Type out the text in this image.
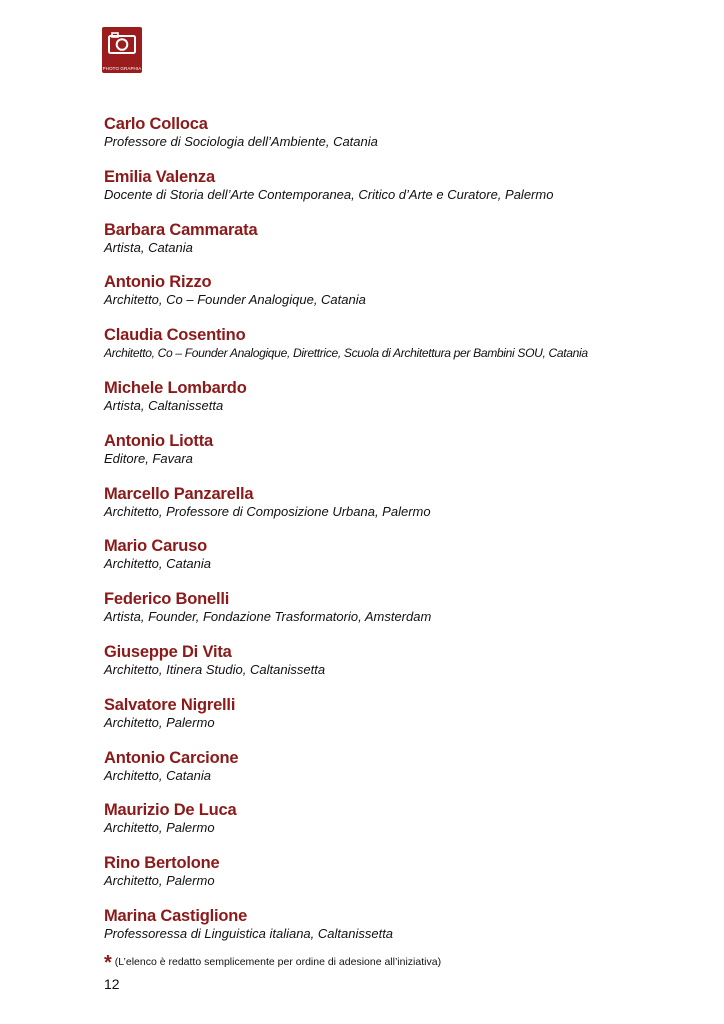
PHOTO GRAPHIA
ASSOCIAZIONE CULTURALE
Carlo Colloca
Professore di Sociologia dell’Ambiente, Catania
Emilia Valenza
Docente di Storia dell’Arte Contemporanea, Critico d’Arte e Curatore, Palermo
Barbara Cammarata
Artista, Catania
Antonio Rizzo
Architetto, Co – Founder Analogique, Catania
Claudia Cosentino
Architetto, Co – Founder Analogique, Direttrice, Scuola di Architettura per Bambini SOU, Catania
Michele Lombardo
Artista, Caltanissetta
Antonio Liotta
Editore, Favara
Marcello Panzarella
Architetto, Professore di Composizione Urbana, Palermo
Mario Caruso
Architetto, Catania
Federico Bonelli
Artista, Founder, Fondazione Trasformatorio, Amsterdam
Giuseppe Di Vita
Architetto, Itinera Studio, Caltanissetta
Salvatore Nigrelli
Architetto, Palermo
Antonio Carcione
Architetto, Catania
Maurizio De Luca
Architetto, Palermo
Rino Bertolone
Architetto, Palermo
Marina Castiglione
Professoressa di Linguistica italiana, Caltanissetta
* (L’elenco è redatto semplicemente per ordine di adesione all’iniziativa)
12
